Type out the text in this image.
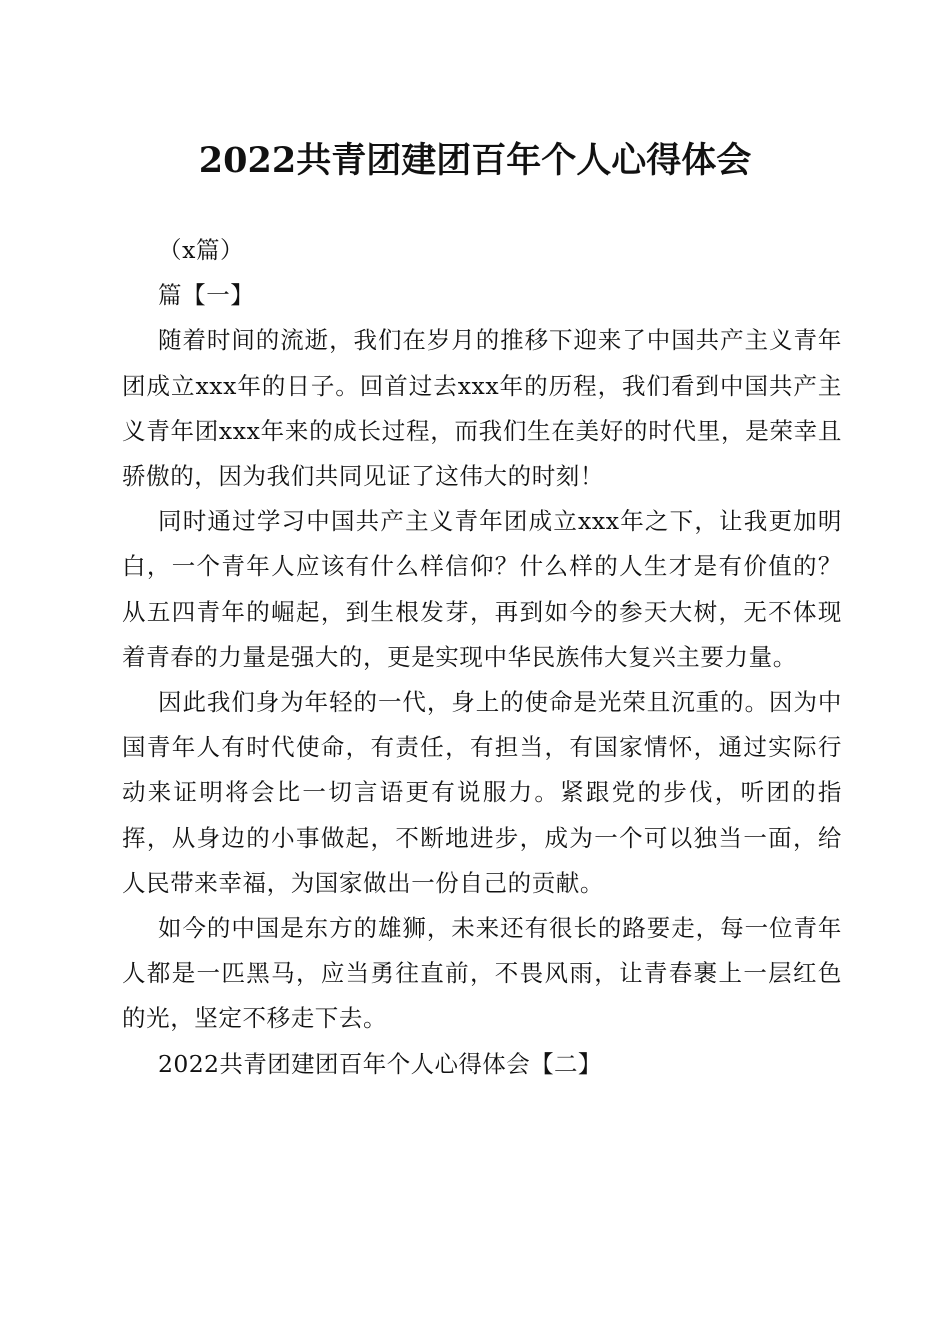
2022共青团建团百年个人心得体会

（x篇）

篇【一】

随着时间的流逝，我们在岁月的推移下迎来了中国共产主义青年团成立xxx年的日子。回首过去xxx年的历程，我们看到中国共产主义青年团xxx年来的成长过程，而我们生在美好的时代里，是荣幸且骄傲的，因为我们共同见证了这伟大的时刻！

同时通过学习中国共产主义青年团成立xxx年之下，让我更加明白，一个青年人应该有什么样信仰？什么样的人生才是有价值的？从五四青年的崛起，到生根发芽，再到如今的参天大树，无不体现着青春的力量是强大的，更是实现中华民族伟大复兴主要力量。

因此我们身为年轻的一代，身上的使命是光荣且沉重的。因为中国青年人有时代使命，有责任，有担当，有国家情怀，通过实际行动来证明将会比一切言语更有说服力。紧跟党的步伐，听团的指挥，从身边的小事做起，不断地进步，成为一个可以独当一面，给人民带来幸福，为国家做出一份自己的贡献。

如今的中国是东方的雄狮，未来还有很长的路要走，每一位青年人都是一匹黑马，应当勇往直前，不畏风雨，让青春裹上一层红色的光，坚定不移走下去。

2022共青团建团百年个人心得体会【二】
